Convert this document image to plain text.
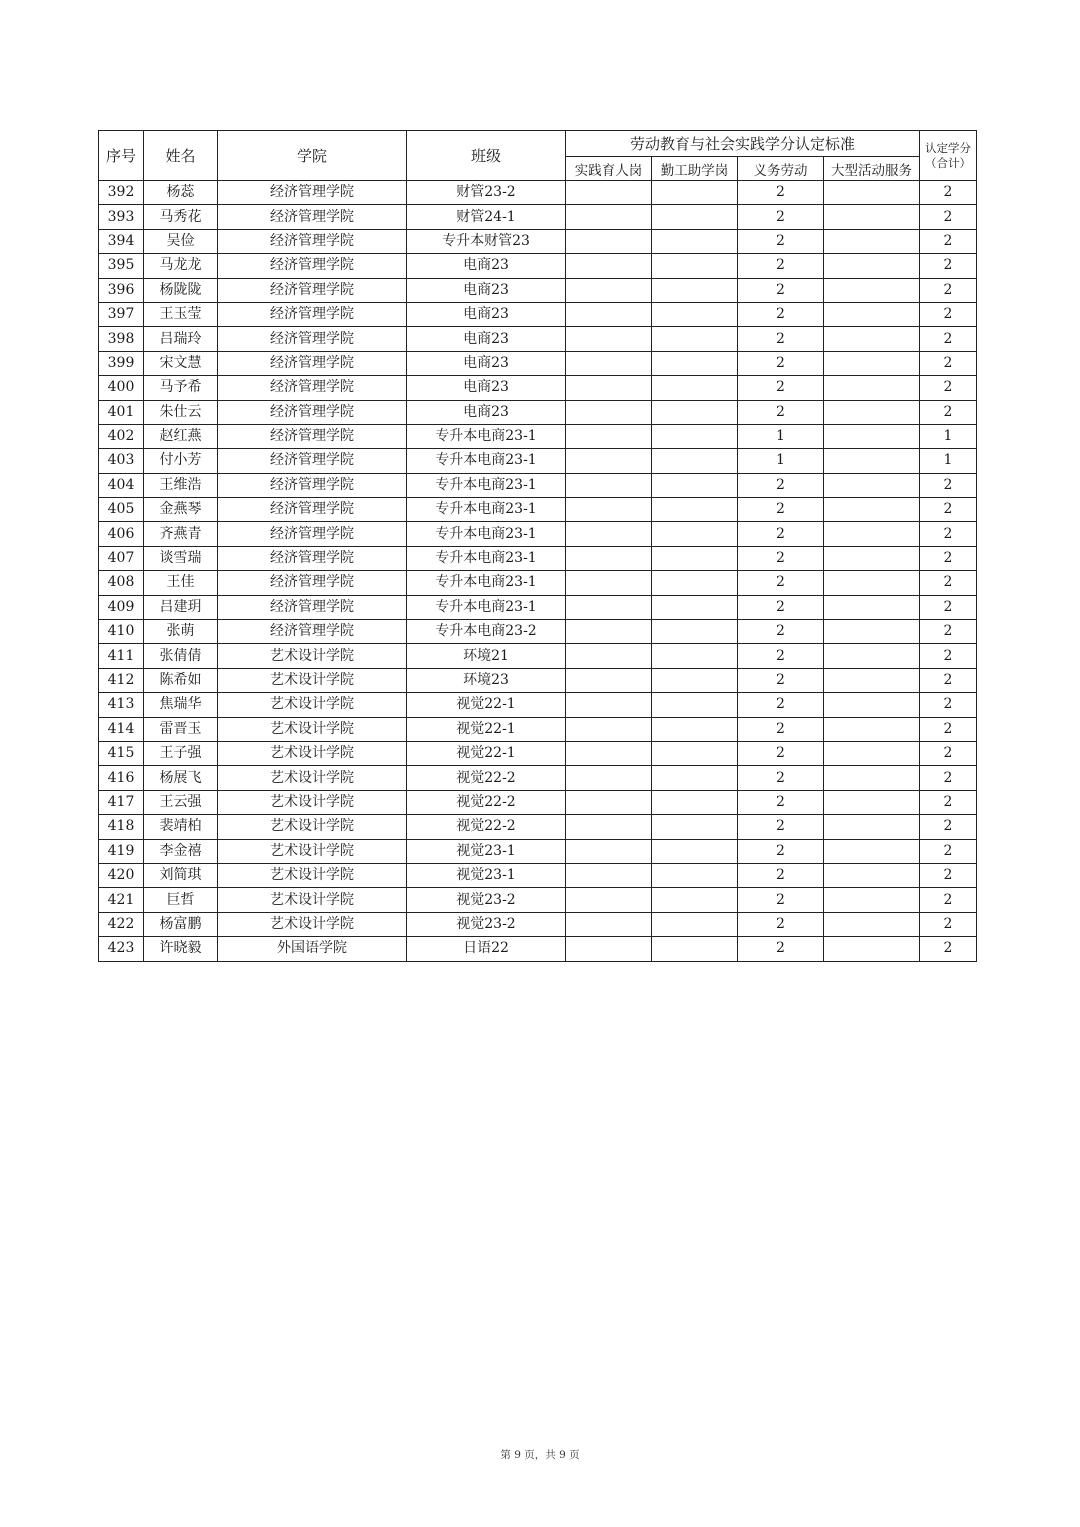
序号	姓名	学院	班级	劳动教育与社会实践学分认定标准				认定学分
（合计）

				实践育人岗	勤工助学岗	义务劳动	大型活动服务	
392	杨蕊	经济管理学院	财管23-2			2		2
393	马秀花	经济管理学院	财管24-1			2		2
394	吴俭	经济管理学院	专升本财管23			2		2
395	马龙龙	经济管理学院	电商23			2		2
396	杨陇陇	经济管理学院	电商23			2		2
397	王玉莹	经济管理学院	电商23			2		2
398	吕瑞玲	经济管理学院	电商23			2		2
399	宋文慧	经济管理学院	电商23			2		2
400	马予希	经济管理学院	电商23			2		2
401	朱仕云	经济管理学院	电商23			2		2
402	赵红燕	经济管理学院	专升本电商23-1			1		1
403	付小芳	经济管理学院	专升本电商23-1			1		1
404	王维浩	经济管理学院	专升本电商23-1			2		2
405	金燕琴	经济管理学院	专升本电商23-1			2		2
406	齐燕青	经济管理学院	专升本电商23-1			2		2
407	谈雪瑞	经济管理学院	专升本电商23-1			2		2
408	王佳	经济管理学院	专升本电商23-1			2		2
409	吕建玥	经济管理学院	专升本电商23-1			2		2
410	张萌	经济管理学院	专升本电商23-2			2		2
411	张倩倩	艺术设计学院	环境21			2		2
412	陈希如	艺术设计学院	环境23			2		2
413	焦瑞华	艺术设计学院	视觉22-1			2		2
414	雷晋玉	艺术设计学院	视觉22-1			2		2
415	王子强	艺术设计学院	视觉22-1			2		2
416	杨展飞	艺术设计学院	视觉22-2			2		2
417	王云强	艺术设计学院	视觉22-2			2		2
418	裴靖柏	艺术设计学院	视觉22-2			2		2
419	李金禧	艺术设计学院	视觉23-1			2		2
420	刘简琪	艺术设计学院	视觉23-1			2		2
421	巨哲	艺术设计学院	视觉23-2			2		2
422	杨富鹏	艺术设计学院	视觉23-2			2		2
423	许晓毅	外国语学院	日语22			2		2
第 9 页，共 9 页
